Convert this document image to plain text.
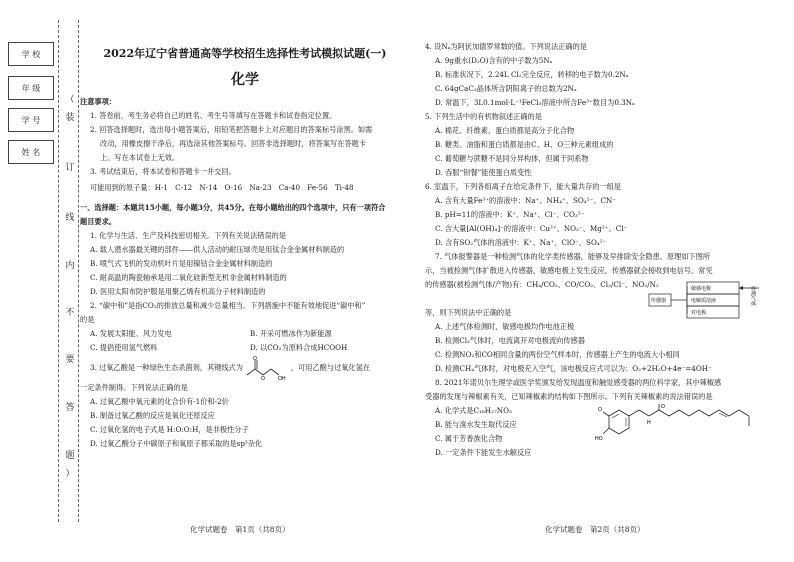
学 校
年 级
学 号
姓 名
（
装
订
线
内
不
要
答
题
）
2022年辽宁省普通高等学校招生选择性考试模拟试题(一)
化学
注意事项：
1. 答卷前，考生务必将自己的姓名、考生号等填写在答题卡和试卷指定位置。
2. 回答选择题时，选出每小题答案后，用铅笔把答题卡上对应题目的答案标号涂黑。如需
改动，用橡皮擦干净后，再选涂其他答案标号。回答非选择题时，将答案写在答题卡
上。写在本试卷上无效。
3. 考试结束后，将本试卷和答题卡一并交回。
可能用到的原子量：H-1　C-12　N-14　O-16　Na-23　Ca-40　Fe-56　Ti-48
一、选择题：本题共15小题，每小题3分，共45分。在每小题给出的四个选项中，只有一项符合
题目要求。
1. 化学与生活、生产及科技密切相关。下列有关说法错误的是
A. 载人潜水器最关键的部件——供人活动的耐压球壳是用钛合金金属材料制造的
B. 喷气式飞机的发动机叶片是用镍钴合金金属材料制造的
C. 耐高温的陶瓷轴承是用二氧化硅新型无机非金属材料制造的
D. 医用太阳布防护服是用聚乙烯有机高分子材料制造的
2. “碳中和”是指CO₂的排放总量和减少总量相当。下列措施中不能有效地促进“碳中和”
的是
A. 发展太阳能、风力发电	B. 开采可燃冰作为新能源
C. 提倡使用氢气燃料	D. 以CO₂为原料合成HCOOH
3. 过氧乙酸是一种绿色生态杀菌剂，其键线式为
O
O	OH
，可用乙酸与过氧化氢在
一定条件制得。下列说法正确的是
A. 过氧乙酸中氧元素的化合价有-1价和-2价
B. 制备过氧乙酸的反应是氧化还原反应
C. 过氧化氢的电子式是 H:O:O:H，是非极性分子
D. 过氧乙酸分子中碳原子和氧原子都采取的是sp³杂化
化学试题卷　第1页（共8页）
4. 设Nₐ为阿伏加德罗常数的值。下列说法正确的是
A. 9g重水(D₂O)含有的中子数为5Nₐ
B. 标准状况下，2.24L Cl₂完全反应，转移的电子数为0.2Nₐ
C. 64gCaC₂晶体所含阴阳离子的总数为2Nₐ
D. 常温下，3L0.1mol·L⁻¹FeCl₃溶液中所含Fe³⁺数目为0.3Nₐ
5. 下列生活中的有机物叙述正确的是
A. 棉花、纤维素、蛋白质都是高分子化合物
B. 糖类、油脂和蛋白质都是由C、H、O三种元素组成的
C. 葡萄糖与蔗糖不是同分异构体，但属于同系物
D. 吞服“钡餐”能使蛋白质变性
6. 室温下，下列各组离子在给定条件下，能大量共存的一组是
A. 含有大量Fe³⁺的溶液中：Na⁺、NH₄⁺、SO₄²⁻、CN⁻
B. pH=11的溶液中：K⁺、Na⁺、Cl⁻、CO₃²⁻
C. 含大量[Al(OH)₄]⁻的溶液中：Cu²⁺、NO₃⁻、Mg²⁺、Cl⁻
D. 含有SO₂气体的溶液中：K⁺、Na⁺、ClO⁻、SO₄²⁻
7. 气体报警器是一种检测气体的化学类传感器，能够及早排除安全隐患。原理如下图所
示，当被检测气体扩散进入传感器，敏感电极上发生反应，传感器就会接收到电信号。常见
的传感器(被检测气体/产物)有：CH₄/CO₂、CO/CO₂、Cl₂/Cl⁻、NO₂/N₂
等，则下列说法中正确的是
传感器
敏感电极
电解质溶液
对电极
待测气体
A. 上述气体检测时，敏感电极均作电池正极
B. 检测Cl₂气体时，电流离开对电极流向传感器
C. 检测NO₂和CO相同含量的两份空气样本时，传感器上产生的电流大小相同
D. 检测CH₄气体时，对电极充入空气，该电极反应式可以为：O₂+2H₂O+4e⁻=4OH⁻
8. 2021年诺贝尔生理学或医学奖颁发给发现温度和触觉感受器的两位科学家，其中辣椒感
受器的发现与辣椒素有关，已知辣椒素的结构如下图所示。下列有关辣椒素的说法错误的是
A. 化学式是C₁₈H₂₇NO₃
B. 能与溴水发生取代反应
C. 属于芳香族化合物
D. 一定条件下能发生水解反应
O
HO
H
O
化学试题卷　第2页（共8页）
